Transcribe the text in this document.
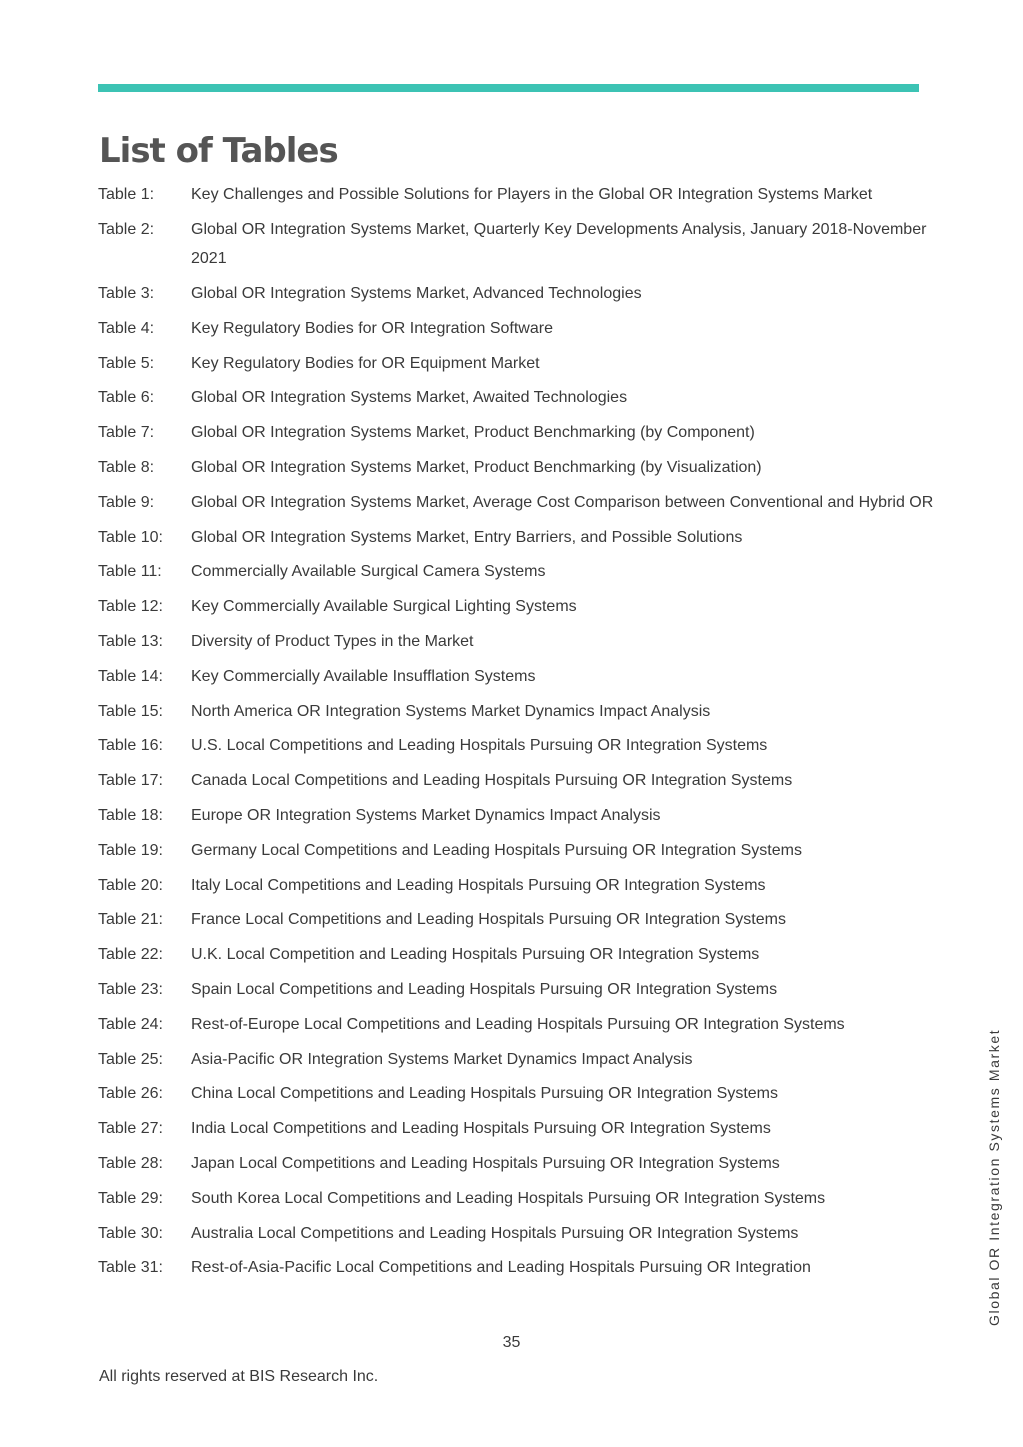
List of Tables
Table 1:	Key Challenges and Possible Solutions for Players in the Global OR Integration Systems Market
Table 2:	Global OR Integration Systems Market, Quarterly Key Developments Analysis, January 2018-November 2021
Table 3:	Global OR Integration Systems Market, Advanced Technologies
Table 4:	Key Regulatory Bodies for OR Integration Software
Table 5:	Key Regulatory Bodies for OR Equipment Market
Table 6:	Global OR Integration Systems Market, Awaited Technologies
Table 7:	Global OR Integration Systems Market, Product Benchmarking (by Component)
Table 8:	Global OR Integration Systems Market, Product Benchmarking (by Visualization)
Table 9:	Global OR Integration Systems Market, Average Cost Comparison between Conventional and Hybrid OR
Table 10:	Global OR Integration Systems Market, Entry Barriers, and Possible Solutions
Table 11:	Commercially Available Surgical Camera Systems
Table 12:	Key Commercially Available Surgical Lighting Systems
Table 13:	Diversity of Product Types in the Market
Table 14:	Key Commercially Available Insufflation Systems
Table 15:	North America OR Integration Systems Market Dynamics Impact Analysis
Table 16:	U.S. Local Competitions and Leading Hospitals Pursuing OR Integration Systems
Table 17:	Canada Local Competitions and Leading Hospitals Pursuing OR Integration Systems
Table 18:	Europe OR Integration Systems Market Dynamics Impact Analysis
Table 19:	Germany Local Competitions and Leading Hospitals Pursuing OR Integration Systems
Table 20:	Italy Local Competitions and Leading Hospitals Pursuing OR Integration Systems
Table 21:	France Local Competitions and Leading Hospitals Pursuing OR Integration Systems
Table 22:	U.K. Local Competition and Leading Hospitals Pursuing OR Integration Systems
Table 23:	Spain Local Competitions and Leading Hospitals Pursuing OR Integration Systems
Table 24:	Rest-of-Europe Local Competitions and Leading Hospitals Pursuing OR Integration Systems
Table 25:	Asia-Pacific OR Integration Systems Market Dynamics Impact Analysis
Table 26:	China Local Competitions and Leading Hospitals Pursuing OR Integration Systems
Table 27:	India Local Competitions and Leading Hospitals Pursuing OR Integration Systems
Table 28:	Japan Local Competitions and Leading Hospitals Pursuing OR Integration Systems
Table 29:	South Korea Local Competitions and Leading Hospitals Pursuing OR Integration Systems
Table 30:	Australia Local Competitions and Leading Hospitals Pursuing OR Integration Systems
Table 31:	Rest-of-Asia-Pacific Local Competitions and Leading Hospitals Pursuing OR Integration	Global OR Integration Systems Market
35
All rights reserved at BIS Research Inc.
